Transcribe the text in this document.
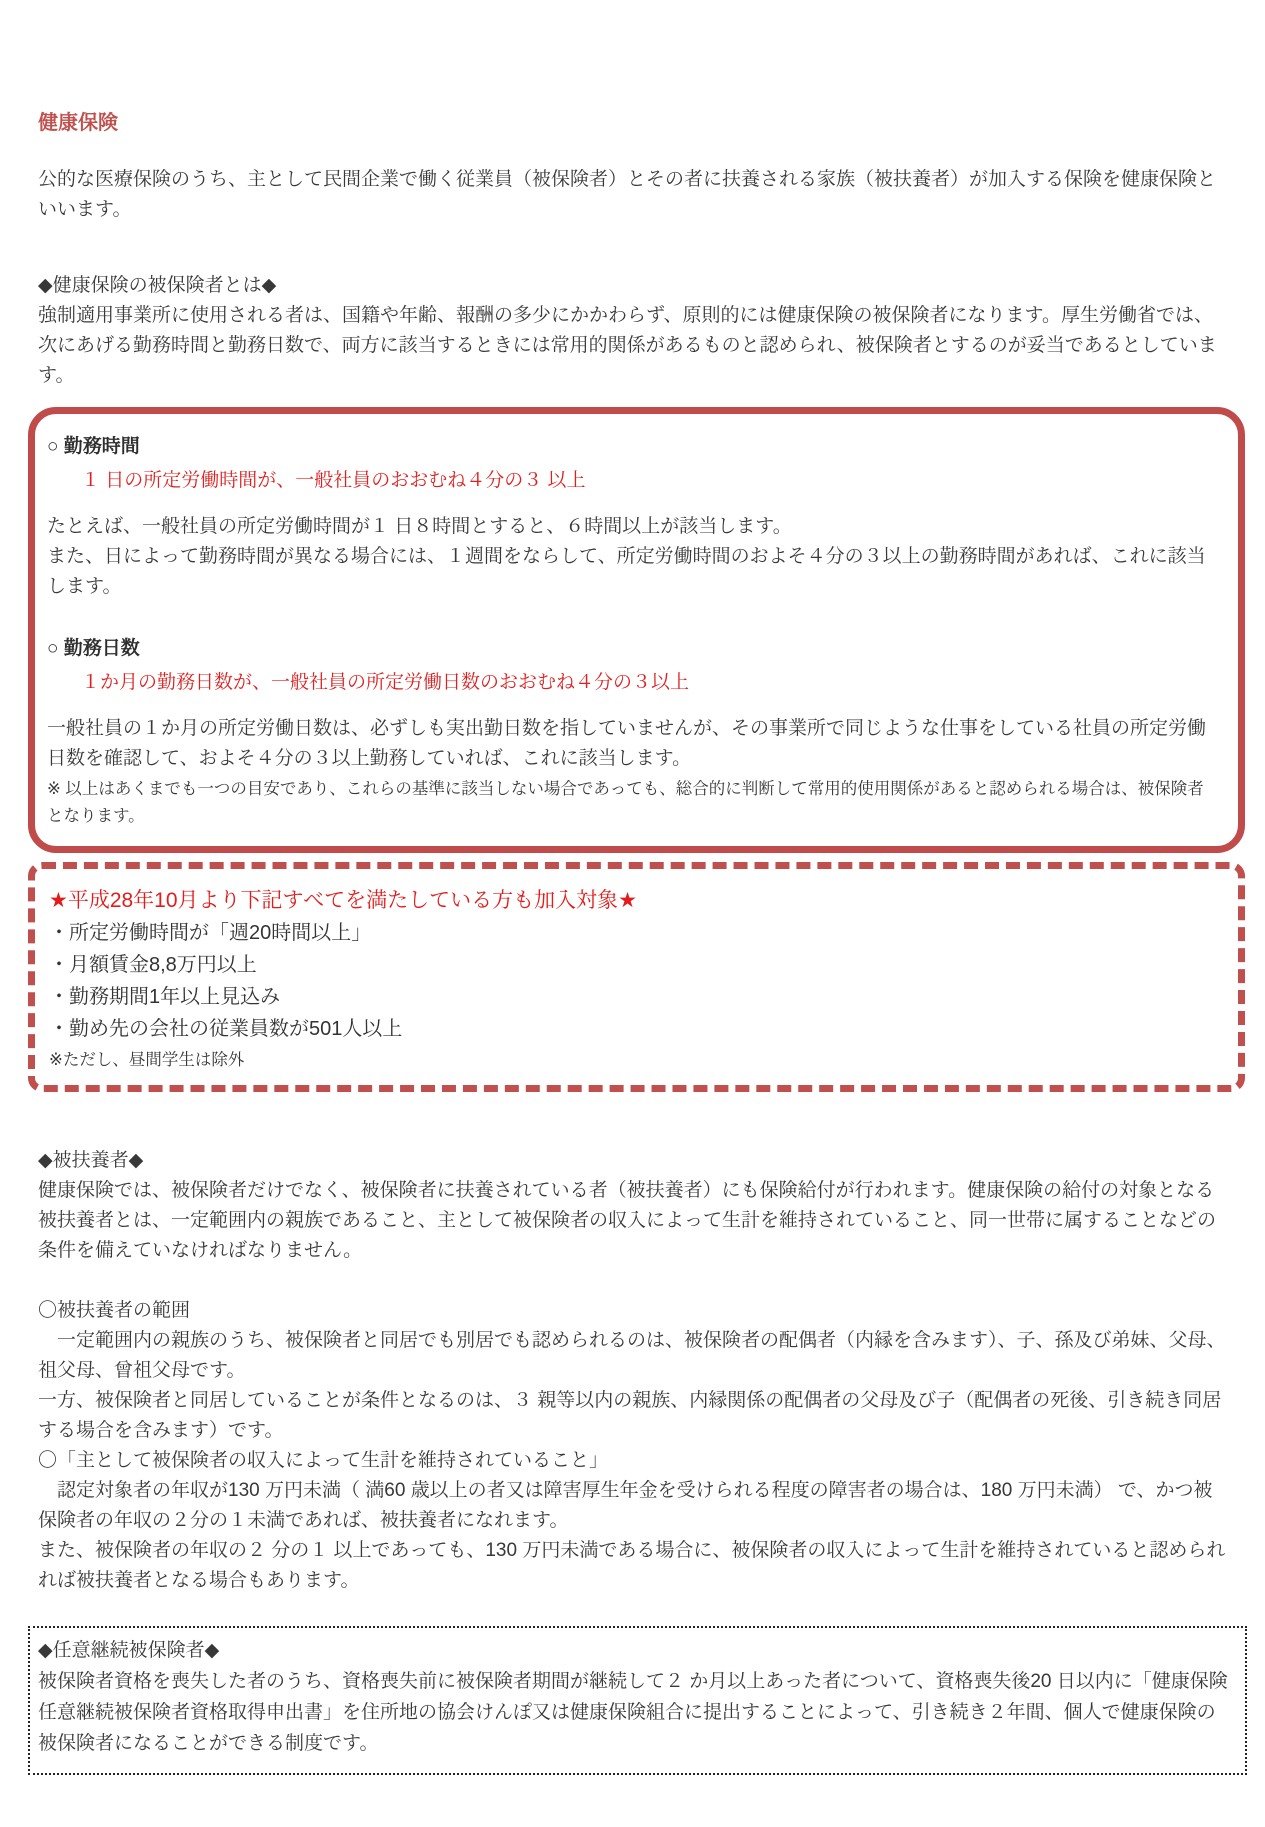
健康保険

公的な医療保険のうち、主として民間企業で働く従業員（被保険者）とその者に扶養される家族（被扶養者）が加入する保険を健康保険といいます。

◆健康保険の被保険者とは◆

強制適用事業所に使用される者は、国籍や年齢、報酬の多少にかかわらず、原則的には健康保険の被保険者になります。厚生労働省では、次にあげる勤務時間と勤務日数で、両方に該当するときには常用的関係があるものと認められ、被保険者とするのが妥当であるとしています。

○ 勤務時間

１ 日の所定労働時間が、一般社員のおおむね４分の３ 以上

たとえば、一般社員の所定労働時間が１ 日８時間とすると、６時間以上が該当します。

また、日によって勤務時間が異なる場合には、１週間をならして、所定労働時間のおよそ４分の３以上の勤務時間があれば、これに該当します。

○ 勤務日数

１か月の勤務日数が、一般社員の所定労働日数のおおむね４分の３以上

一般社員の１か月の所定労働日数は、必ずしも実出勤日数を指していませんが、その事業所で同じような仕事をしている社員の所定労働日数を確認して、およそ４分の３以上勤務していれば、これに該当します。

※ 以上はあくまでも一つの目安であり、これらの基準に該当しない場合であっても、総合的に判断して常用的使用関係があると認められる場合は、被保険者となります。

★平成28年10月より下記すべてを満たしている方も加入対象★

・所定労働時間が「週20時間以上」

・月額賃金8,8万円以上

・勤務期間1年以上見込み

・勤め先の会社の従業員数が501人以上

※ただし、昼間学生は除外

◆被扶養者◆

健康保険では、被保険者だけでなく、被保険者に扶養されている者（被扶養者）にも保険給付が行われます。健康保険の給付の対象となる被扶養者とは、一定範囲内の親族であること、主として被保険者の収入によって生計を維持されていること、同一世帯に属することなどの条件を備えていなければなりません。

〇被扶養者の範囲

　一定範囲内の親族のうち、被保険者と同居でも別居でも認められるのは、被保険者の配偶者（内縁を含みます）、子、孫及び弟妹、父母、祖父母、曾祖父母です。

一方、被保険者と同居していることが条件となるのは、３ 親等以内の親族、内縁関係の配偶者の父母及び子（配偶者の死後、引き続き同居する場合を含みます）です。

〇「主として被保険者の収入によって生計を維持されていること」

　認定対象者の年収が130 万円未満（ 満60 歳以上の者又は障害厚生年金を受けられる程度の障害者の場合は、180 万円未満） で、かつ被保険者の年収の２分の１未満であれば、被扶養者になれます。

また、被保険者の年収の２ 分の１ 以上であっても、130 万円未満である場合に、被保険者の収入によって生計を維持されていると認められれば被扶養者となる場合もあります。

◆任意継続被保険者◆

被保険者資格を喪失した者のうち、資格喪失前に被保険者期間が継続して２ か月以上あった者について、資格喪失後20 日以内に「健康保険任意継続被保険者資格取得申出書」を住所地の協会けんぽ又は健康保険組合に提出することによって、引き続き２年間、個人で健康保険の被保険者になることができる制度です。
